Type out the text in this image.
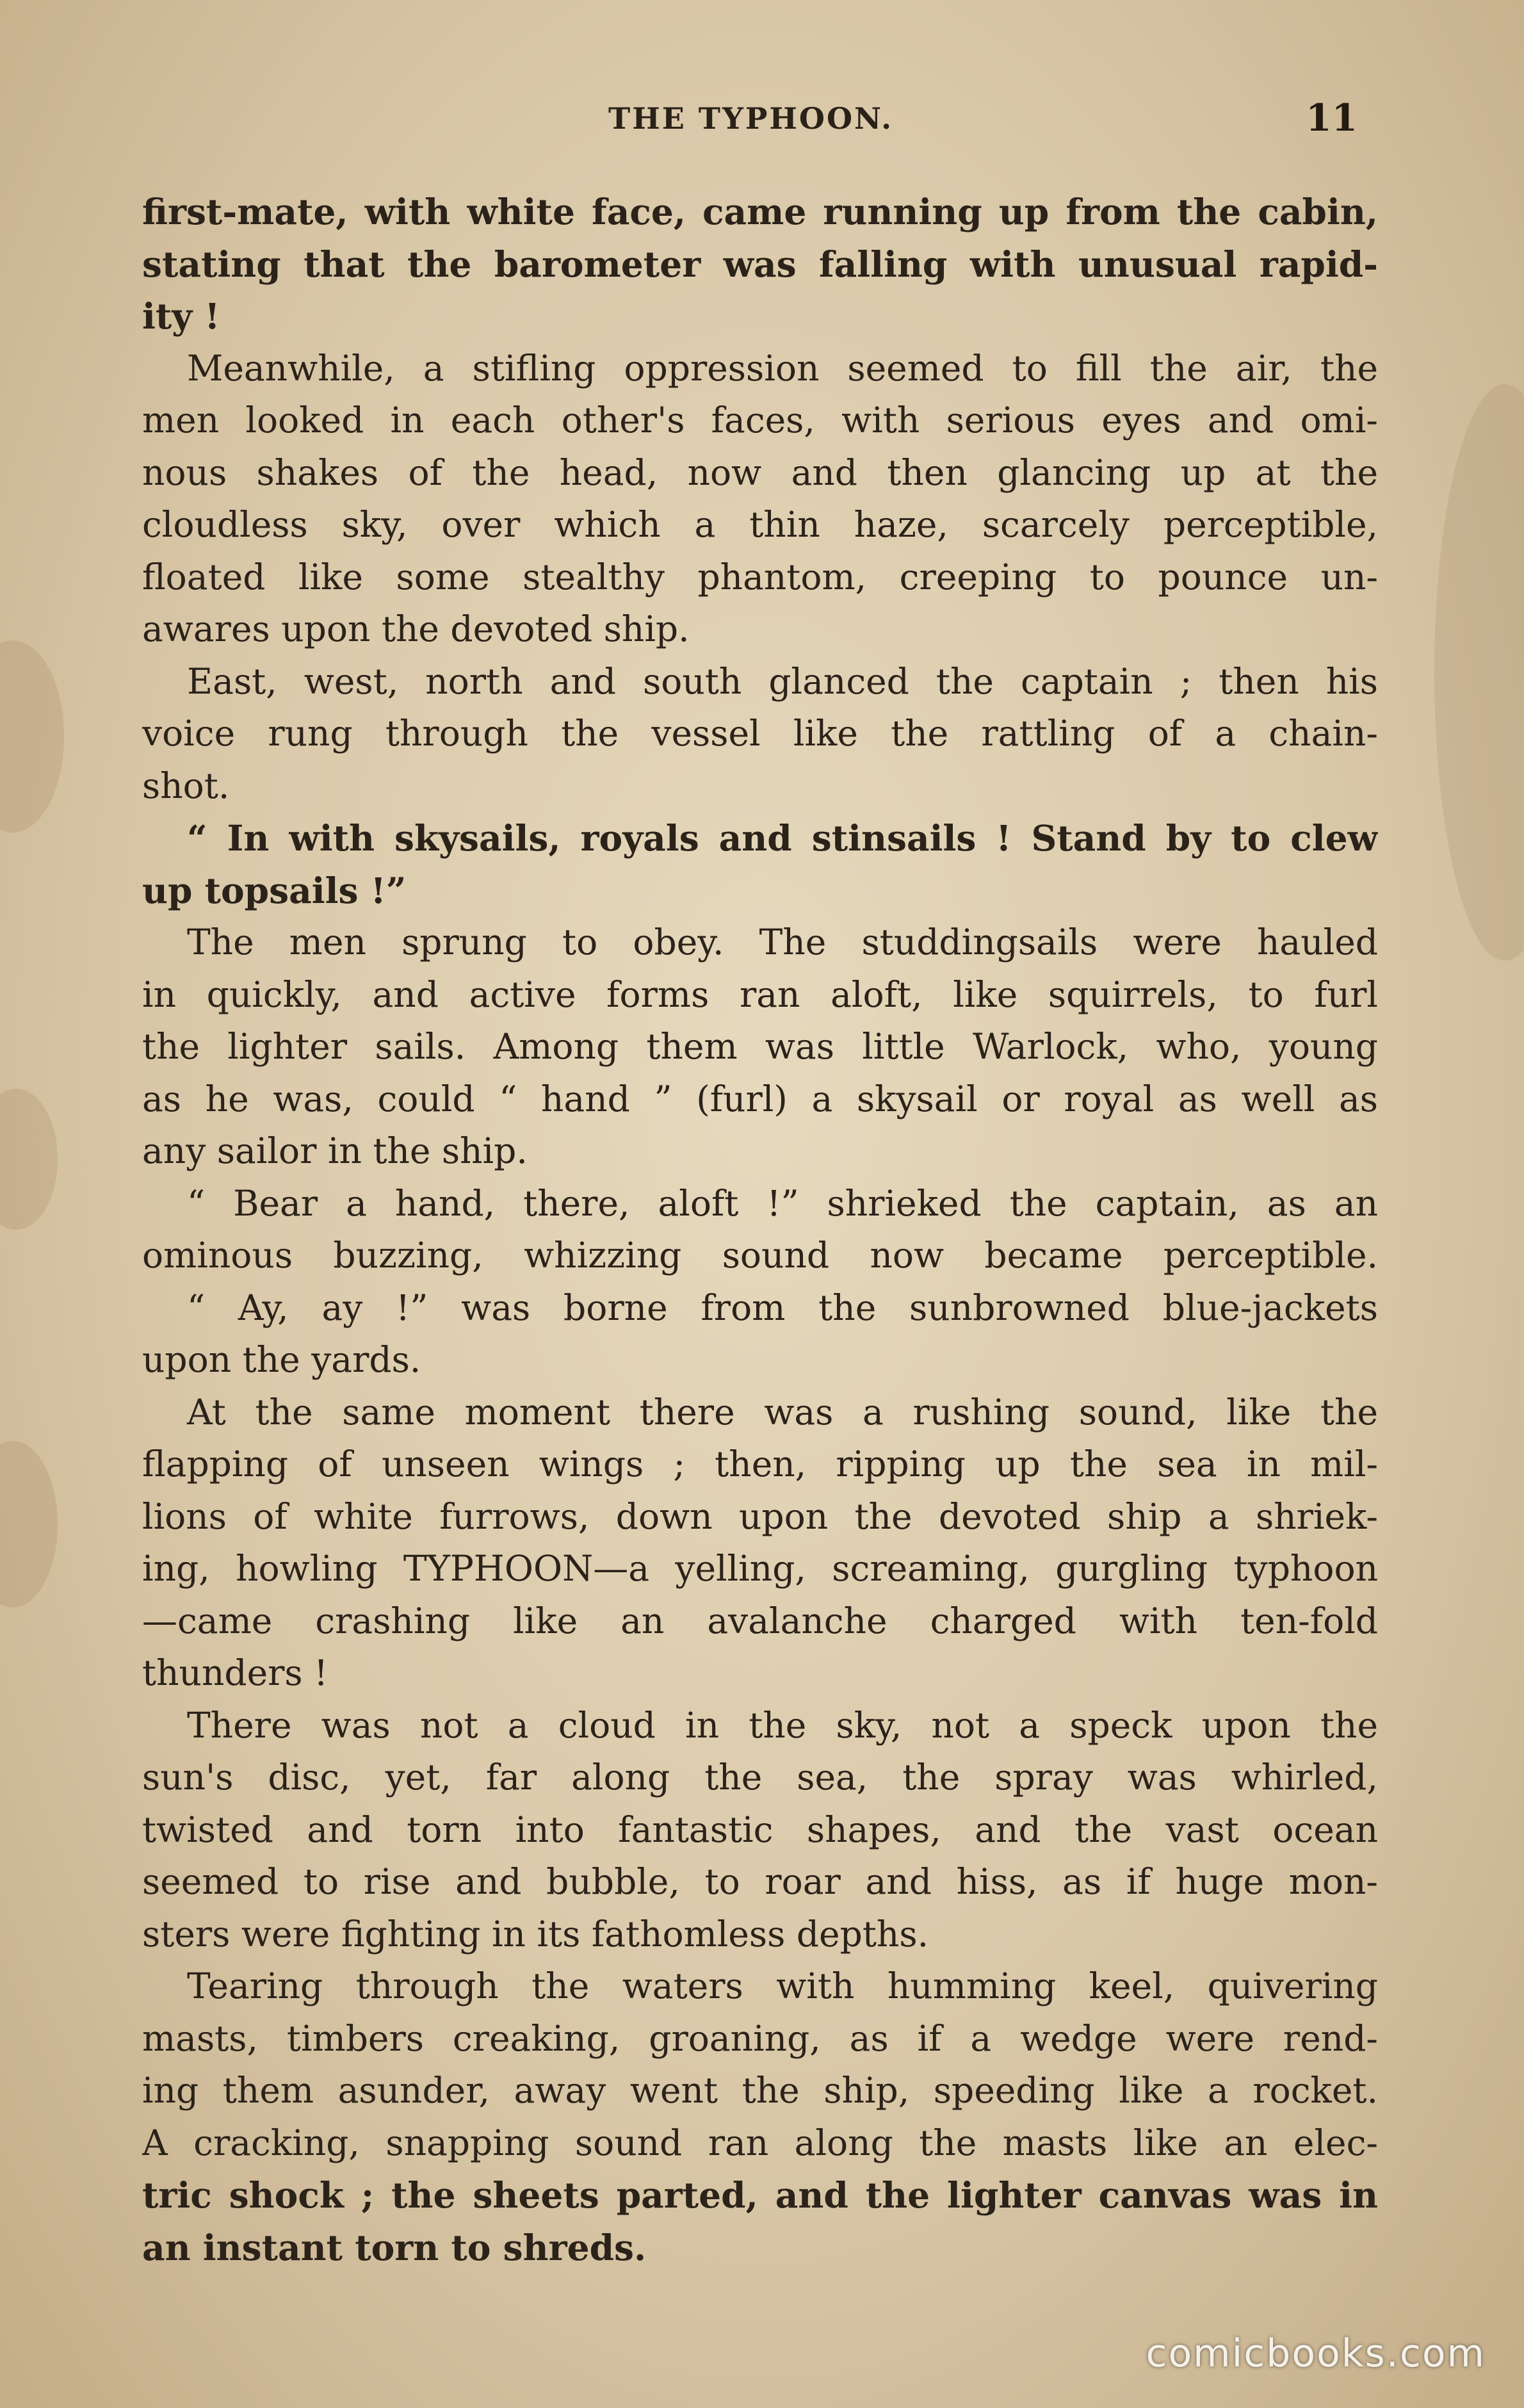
THE TYPHOON.	11
first-mate, with white face, came running up from the cabin,
stating that the barometer was falling with unusual rapid-
ity !
Meanwhile, a stifling oppression seemed to fill the air, the
men looked in each other's faces, with serious eyes and omi-
nous shakes of the head, now and then glancing up at the
cloudless sky, over which a thin haze, scarcely perceptible,
floated like some stealthy phantom, creeping to pounce un-
awares upon the devoted ship.
East, west, north and south glanced the captain ; then his
voice rung through the vessel like the rattling of a chain-
shot.
“ In with skysails, royals and stinsails ! Stand by to clew
up topsails !”
The men sprung to obey. The studdingsails were hauled
in quickly, and active forms ran aloft, like squirrels, to furl
the lighter sails. Among them was little Warlock, who, young
as he was, could “ hand ” (furl) a skysail or royal as well as
any sailor in the ship.
“ Bear a hand, there, aloft !” shrieked the captain, as an
ominous buzzing, whizzing sound now became perceptible.
“ Ay, ay !” was borne from the sunbrowned blue-jackets
upon the yards.
At the same moment there was a rushing sound, like the
flapping of unseen wings ; then, ripping up the sea in mil-
lions of white furrows, down upon the devoted ship a shriek-
ing, howling TYPHOON—a yelling, screaming, gurgling typhoon
—came crashing like an avalanche charged with ten-fold
thunders !
There was not a cloud in the sky, not a speck upon the
sun's disc, yet, far along the sea, the spray was whirled,
twisted and torn into fantastic shapes, and the vast ocean
seemed to rise and bubble, to roar and hiss, as if huge mon-
sters were fighting in its fathomless depths.
Tearing through the waters with humming keel, quivering
masts, timbers creaking, groaning, as if a wedge were rend-
ing them asunder, away went the ship, speeding like a rocket.
A cracking, snapping sound ran along the masts like an elec-
tric shock ; the sheets parted, and the lighter canvas was in
an instant torn to shreds.
comicbooks.com
